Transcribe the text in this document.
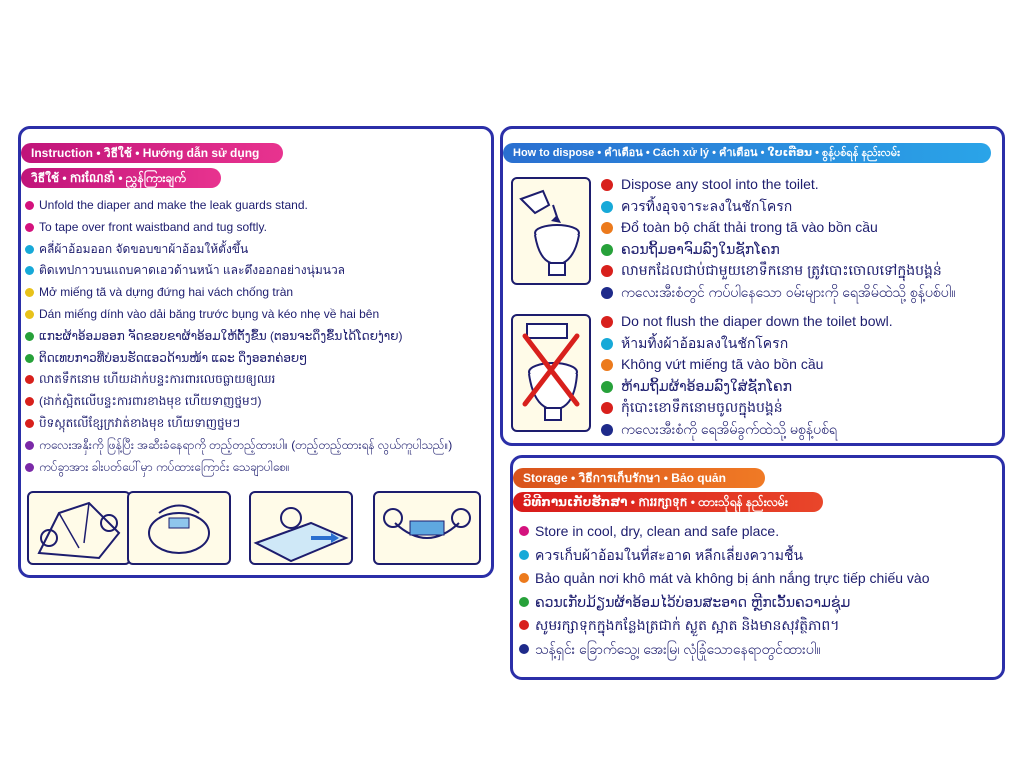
Instruction • วิธีใช้ • Hướng dẫn sử dụng
วิธีใช้ • ការណែនាំ • ညွှန်ကြားချက်
Unfold the diaper and make the leak guards stand.
To tape over front waistband and tug softly.
คลี่ผ้าอ้อมออก จัดขอบขาผ้าอ้อมให้ตั้งขึ้น
ติดเทปกาวบนแถบคาดเอวด้านหน้า และดึงออกอย่างนุ่มนวล
Mở miếng tã và dựng đứng hai vách chống tràn
Dán miếng dính vào dải băng trước bụng và kéo nhẹ về hai bên
ແກະຜ້າອ້ອມອອກ ຈັດຂອບຂາຜ້າອ້ອມໃຫ້ຕັ້ງຂຶ້ນ (ຕອນຈະດຶງຂຶ້ນໄດ້ໂດຍງ່າຍ)
ຕິດເທບກາວທີ່ບ່ອນຮັດແອວດ້ານໜ້າ ແລະ ດຶງອອກຄ່ອຍໆ
លាតទឹកនោម ហើយដាក់បន្ទះការពារលេចធ្លាយ​ឲ្យឈរ
(ដាក់ស្អិតលើបន្ទះការពារខាងមុខ ហើយទាញថ្នមៗ)
បិទស្កុតលើខ្សែក្រវាត់ខាងមុខ ហើយទាញថ្នមៗ
ကလေးအနှီးကို ဖြန့်ပြီး အဆီးခံနေရာကို တည့်တည့်ထားပါ။ (တည့်တည့်ထားရန် လွယ်ကူပါသည်။)
ကပ်ခွာအား ခါးပတ်ပေါ်မှာ ကပ်ထားကြောင်း သေချာပါစေ။
How to dispose • คำเตือน • Cách xử lý • คำเตือน • ໃບເຕືອນ • စွန့်ပစ်ရန် နည်းလမ်း
Dispose any stool into the toilet.
ควรทิ้งอุจจาระลงในชักโครก
Đổ toàn bộ chất thải trong tã vào bồn cầu
ຄວນຖິ້ມອາຈົມລົງໃນຊັກໂຄກ
លាមកដែលជាប់ជាមួយ​ខោទឹកនោម ត្រូវបោះចោលទៅក្នុងបង្គន់
ကလေးအီးစံတွင် ကပ်ပါနေသော ဝမ်းများကို ရေအိမ်ထဲသို့ စွန့်ပစ်ပါ။
Do not flush the diaper down the toilet bowl.
ห้ามทิ้งผ้าอ้อมลงในชักโครก
Không vứt miếng tã vào bồn cầu
ຫ້າມຖິ້ມຜ້າອ້ອມລົງໃສ່ຊັກໂຄກ
កុំបោះខោទឹកនោមចូលក្នុងបង្គន់
ကလေးအီးစံကို ရေအိမ်ခွက်ထဲသို့ မစွန့်ပစ်ရ
Storage • วิธีการเก็บรักษา • Bảo quản
ວິທີການເກັບຮັກສາ • ការរក្សាទុក • ထားသိုရန် နည်းလမ်း
Store in cool, dry, clean and safe place.
ควรเก็บผ้าอ้อมในที่สะอาด หลีกเลี่ยงความชื้น
Bảo quản nơi khô mát và không bị ánh nắng trực tiếp chiếu vào
ຄວນເກັບມ້ຽນຜ້າອ້ອມໄວ້ບ່ອນສະອາດ ຫຼີກເວັ້ນຄວາມຊຸ່ມ
សូមរក្សាទុកក្នុងកន្លែងត្រជាក់ ស្ងួត ស្អាត និងមានសុវត្ថិភាព។
သန့်ရှင်း ခြောက်သွေ့၊ အေးမြ၊ လုံခြုံသောနေရာတွင်ထားပါ။
